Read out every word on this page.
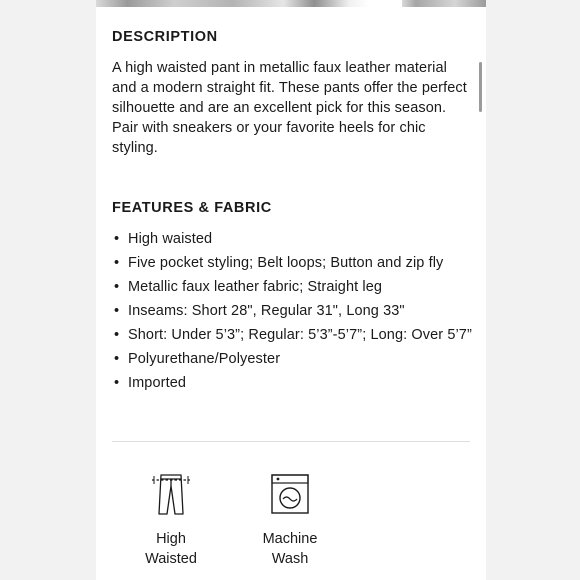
DESCRIPTION

A high waisted pant in metallic faux leather material and a modern straight fit. These pants offer the perfect silhouette and are an excellent pick for this season. Pair with sneakers or your favorite heels for chic styling.

FEATURES & FABRIC
• High waisted
• Five pocket styling; Belt loops; Button and zip fly
• Metallic faux leather fabric; Straight leg
• Inseams: Short 28", Regular 31", Long 33"
• Short: Under 5’3”; Regular: 5’3”-5’7”; Long: Over 5’7”
• Polyurethane/Polyester
• Imported
High
Waisted
Machine
Wash
